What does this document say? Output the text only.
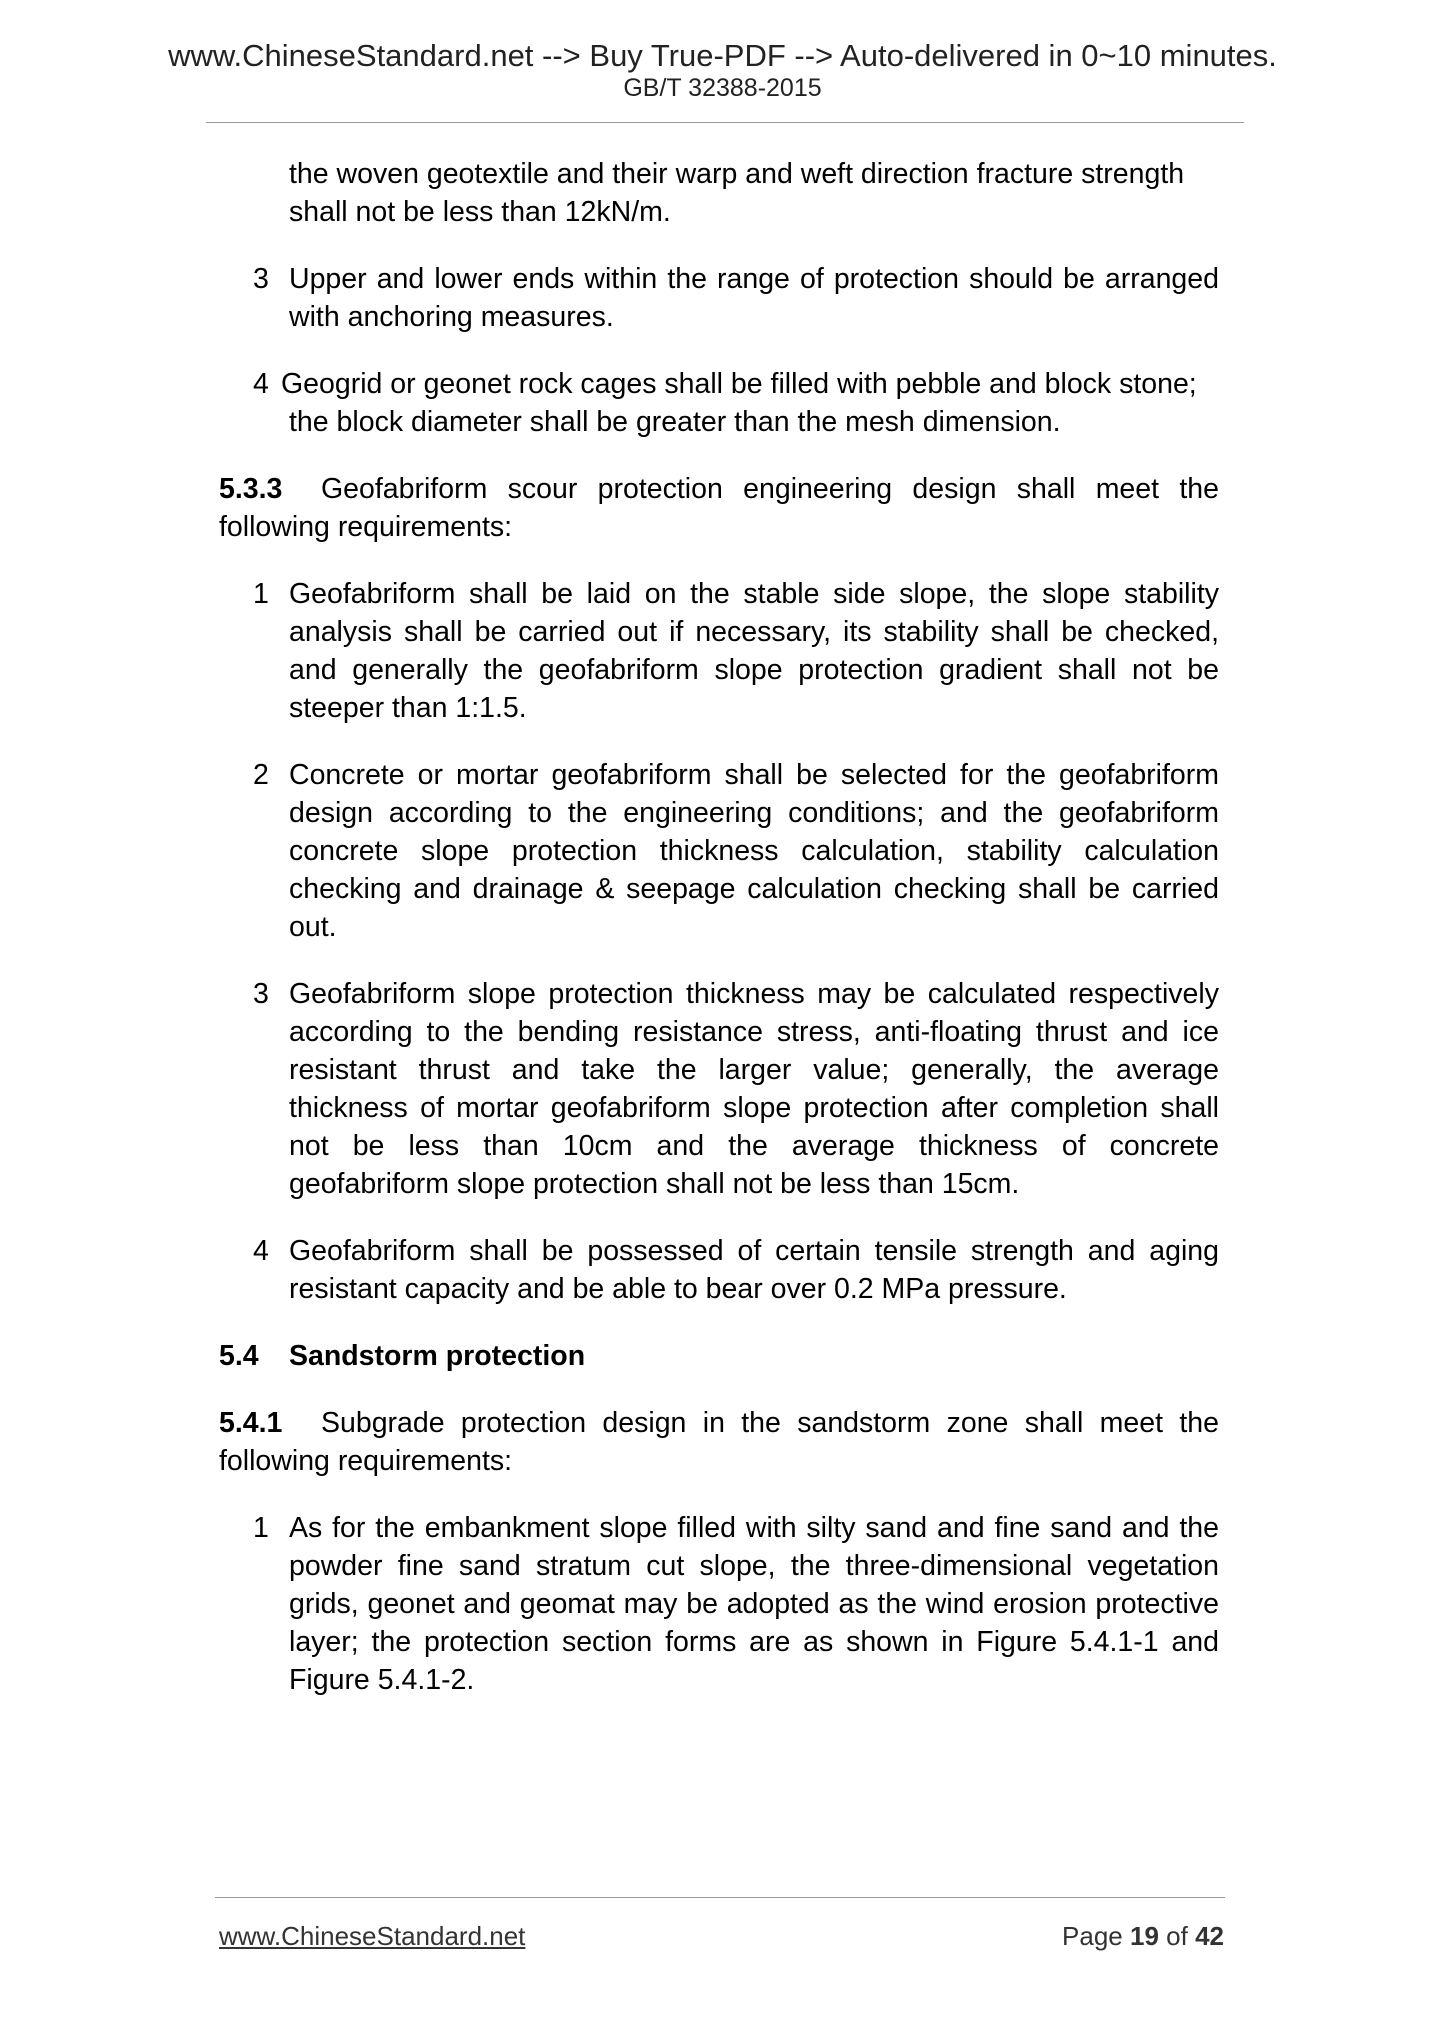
www.ChineseStandard.net --> Buy True-PDF --> Auto-delivered in 0~10 minutes.
GB/T 32388-2015
the woven geotextile and their warp and weft direction fracture strength
shall not be less than 12kN/m.
3 Upper and lower ends within the range of protection should be arranged with anchoring measures.
4 Geogrid or geonet rock cages shall be filled with pebble and block stone;
the block diameter shall be greater than the mesh dimension.
5.3.3 Geofabriform scour protection engineering design shall meet the following requirements:
1 Geofabriform shall be laid on the stable side slope, the slope stability analysis shall be carried out if necessary, its stability shall be checked, and generally the geofabriform slope protection gradient shall not be steeper than 1:1.5.
2 Concrete or mortar geofabriform shall be selected for the geofabriform design according to the engineering conditions; and the geofabriform concrete slope protection thickness calculation, stability calculation checking and drainage & seepage calculation checking shall be carried out.
3 Geofabriform slope protection thickness may be calculated respectively according to the bending resistance stress, anti-floating thrust and ice resistant thrust and take the larger value; generally, the average thickness of mortar geofabriform slope protection after completion shall not be less than 10cm and the average thickness of concrete geofabriform slope protection shall not be less than 15cm.
4 Geofabriform shall be possessed of certain tensile strength and aging resistant capacity and be able to bear over 0.2 MPa pressure.
5.4 Sandstorm protection
5.4.1 Subgrade protection design in the sandstorm zone shall meet the following requirements:
1 As for the embankment slope filled with silty sand and fine sand and the powder fine sand stratum cut slope, the three-dimensional vegetation grids, geonet and geomat may be adopted as the wind erosion protective layer; the protection section forms are as shown in Figure 5.4.1-1 and Figure 5.4.1-2.
www.ChineseStandard.net	Page 19 of 42
